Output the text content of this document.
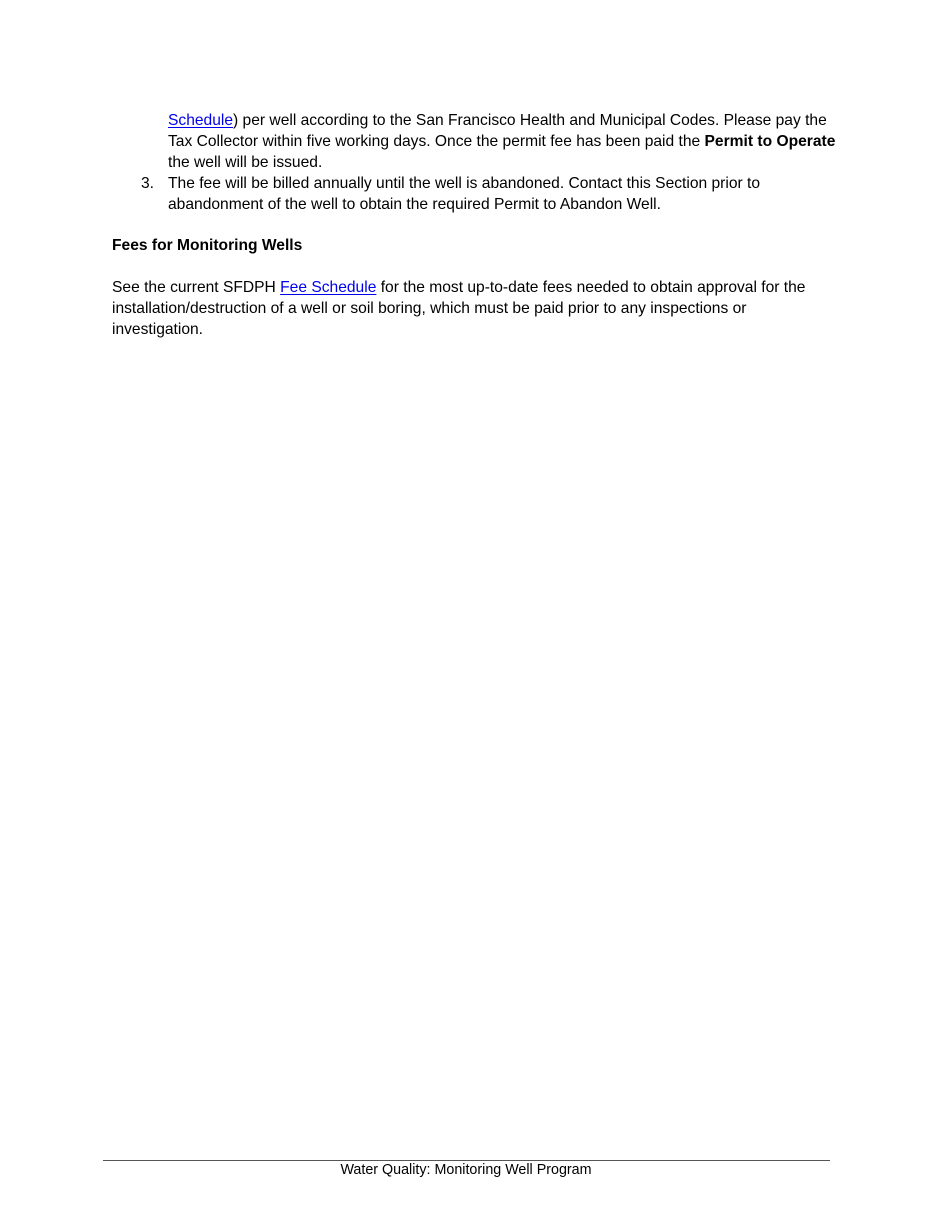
Schedule) per well according to the San Francisco Health and Municipal Codes. Please pay the
Tax Collector within five working days. Once the permit fee has been paid the Permit to Operate
the well will be issued.
3. The fee will be billed annually until the well is abandoned. Contact this Section prior to
abandonment of the well to obtain the required Permit to Abandon Well.
Fees for Monitoring Wells
See the current SFDPH Fee Schedule for the most up-to-date fees needed to obtain approval for the
installation/destruction of a well or soil boring, which must be paid prior to any inspections or
investigation.
Water Quality: Monitoring Well Program
